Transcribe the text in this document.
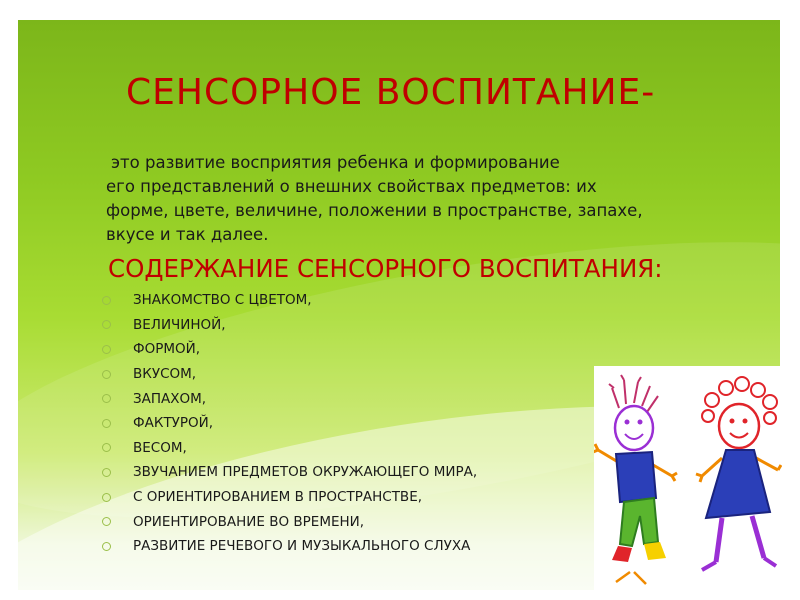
СЕНСОРНОЕ ВОСПИТАНИЕ-

это развитие восприятия ребенка и формирование
его представлений о внешних свойствах предметов: их
форме, цвете, величине, положении в пространстве, запахе,
вкусе и так далее.

СОДЕРЖАНИЕ СЕНСОРНОГО ВОСПИТАНИЯ:
ЗНАКОМСТВО С ЦВЕТОМ,
ВЕЛИЧИНОЙ,
ФОРМОЙ,
ВКУСОМ,
ЗАПАХОМ,
ФАКТУРОЙ,
ВЕСОМ,
ЗВУЧАНИЕМ ПРЕДМЕТОВ ОКРУЖАЮЩЕГО МИРА,
С ОРИЕНТИРОВАНИЕМ В ПРОСТРАНСТВЕ,
ОРИЕНТИРОВАНИЕ ВО ВРЕМЕНИ,
РАЗВИТИЕ РЕЧЕВОГО И МУЗЫКАЛЬНОГО СЛУХА
